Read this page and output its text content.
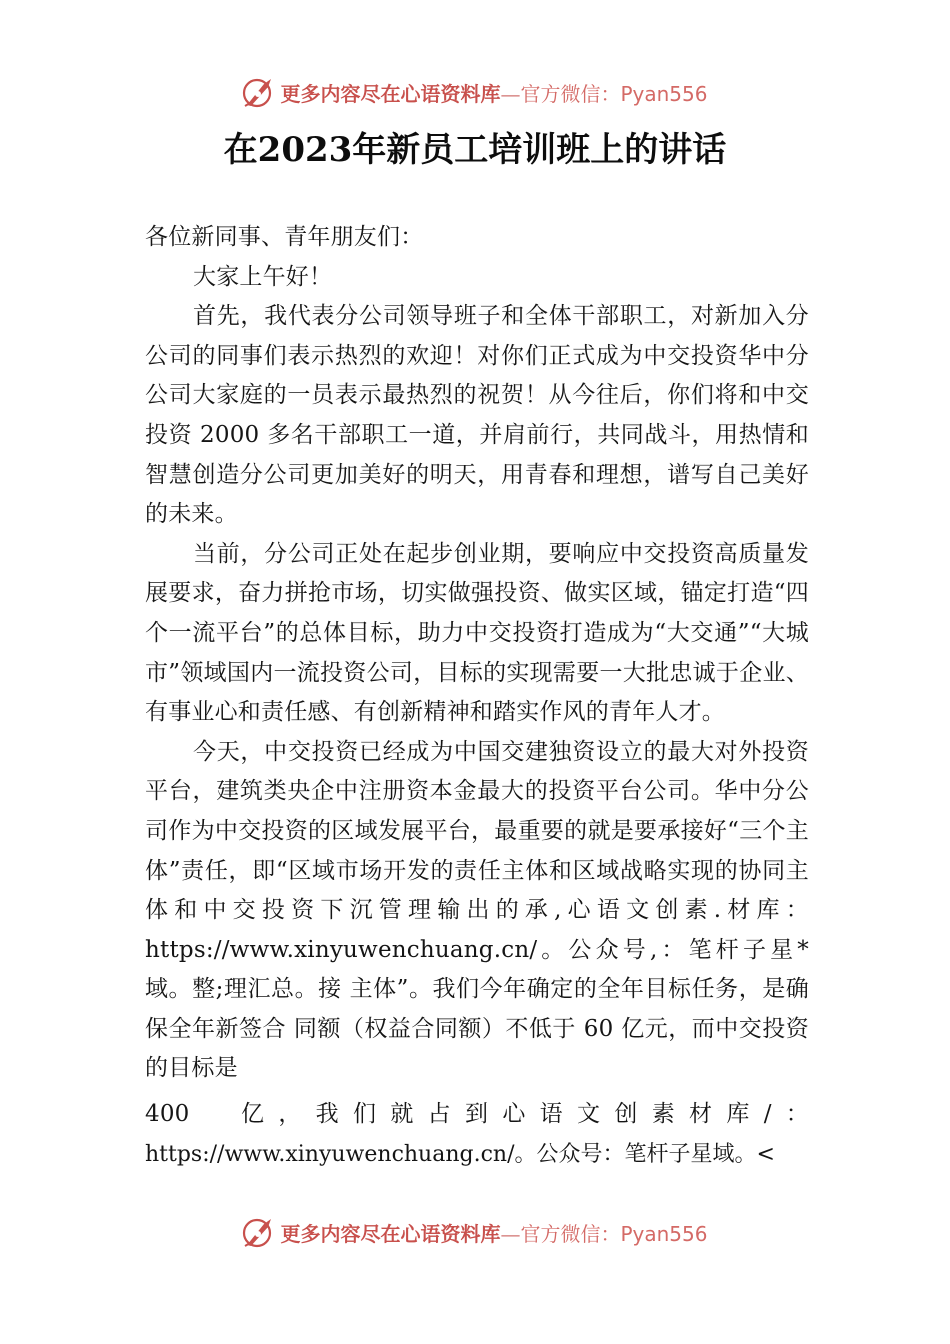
更多内容尽在心语资料库—官方微信：Pyan556
在2023年新员工培训班上的讲话

各位新同事、青年朋友们：

大家上午好！

首先，我代表分公司领导班子和全体干部职工，对新加入分公司的同事们表示热烈的欢迎！对你们正式成为中交投资华中分公司大家庭的一员表示最热烈的祝贺！从今往后，你们将和中交投资 2000 多名干部职工一道，并肩前行，共同战斗，用热情和智慧创造分公司更加美好的明天，用青春和理想，谱写自己美好的未来。

当前，分公司正处在起步创业期，要响应中交投资高质量发展要求，奋力拼抢市场，切实做强投资、做实区域，锚定打造“四个一流平台”的总体目标，助力中交投资打造成为“大交通”“大城市”领域国内一流投资公司，目标的实现需要一大批忠诚于企业、有事业心和责任感、有创新精神和踏实作风的青年人才。

今天，中交投资已经成为中国交建独资设立的最大对外投资平台，建筑类央企中注册资本金最大的投资平台公司。华中分公司作为中交投资的区域发展平台，最重要的就是要承接好“三个主体”责任，即“区域市场开发的责任主体和区域战略实现的协同主体和中交投资下沉管理输出的承,心语文创素.材库：https://www.xinyuwenchuang.cn/。公众号,：笔杆子星*域。整;理汇总。接 主体”。我们今年确定的全年目标任务，是确保全年新签合 同额（权益合同额）不低于 60 亿元，而中交投资的目标是

400　亿，我们就占到心语文创素材库/：

https://www.xinyuwenchuang.cn/。公众号：笔杆子星域。<

更多内容尽在心语资料库—官方微信：Pyan556
